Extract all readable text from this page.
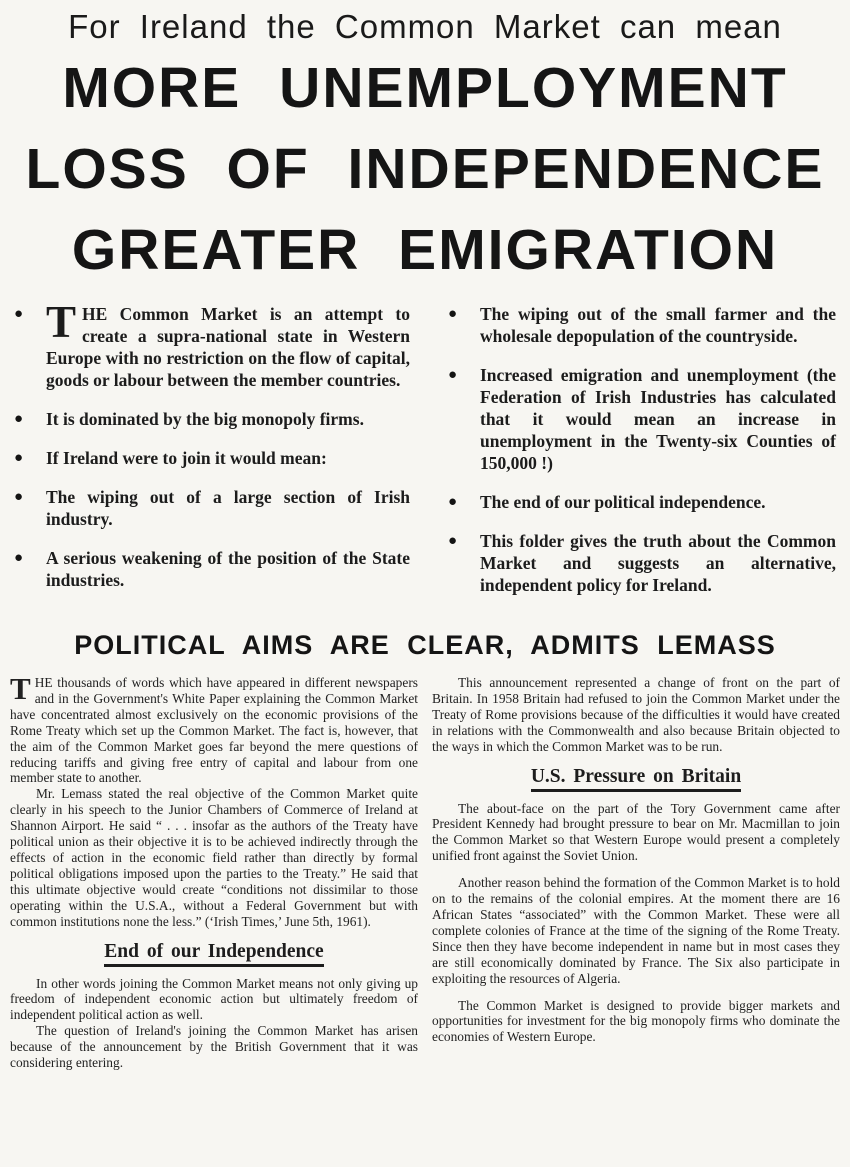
For Ireland the Common Market can mean
MORE UNEMPLOYMENT
LOSS OF INDEPENDENCE
GREATER EMIGRATION
● THE Common Market is an attempt to create a supra-national state in Western Europe with no restriction on the flow of capital, goods or labour between the member countries.
●	It is dominated by the big monopoly firms.
●	If Ireland were to join it would mean:
●	The wiping out of a large section of Irish industry.
●	A serious weakening of the position of the State industries.
●	The wiping out of the small farmer and the wholesale depopulation of the countryside.
●	Increased emigration and unemployment (the Federation of Irish Industries has calculated that it would mean an increase in unemployment in the Twenty-six Counties of 150,000 !)
●	The end of our political independence.
●	This folder gives the truth about the Common Market and suggests an alternative, independent policy for Ireland.
POLITICAL AIMS ARE CLEAR, ADMITS LEMASS

THE thousands of words which have appeared in different newspapers and in the Government's White Paper explaining the Common Market have concentrated almost exclusively on the economic provisions of the Rome Treaty which set up the Common Market. The fact is, however, that the aim of the Common Market goes far beyond the mere questions of reducing tariffs and giving free entry of capital and labour from one member state to another.

Mr. Lemass stated the real objective of the Common Market quite clearly in his speech to the Junior Chambers of Commerce of Ireland at Shannon Airport. He said “ . . . insofar as the authors of the Treaty have political union as their objective it is to be achieved indirectly through the effects of action in the economic field rather than directly by formal political obligations imposed upon the parties to the Treaty.” He said that this ultimate objective would create “conditions not dissimilar to those operating within the U.S.A., without a Federal Government but with common institutions none the less.” (‘Irish Times,’ June 5th, 1961).

End of our Independence

In other words joining the Common Market means not only giving up freedom of independent economic action but ultimately freedom of independent political action as well.

The question of Ireland's joining the Common Market has arisen because of the announcement by the British Government that it was considering entering.

This announcement represented a change of front on the part of Britain. In 1958 Britain had refused to join the Common Market under the Treaty of Rome provisions because of the difficulties it would have created in relations with the Commonwealth and also because Britain objected to the ways in which the Common Market was to be run.

U.S. Pressure on Britain

The about-face on the part of the Tory Government came after President Kennedy had brought pressure to bear on Mr. Macmillan to join the Common Market so that Western Europe would present a completely unified front against the Soviet Union.

Another reason behind the formation of the Common Market is to hold on to the remains of the colonial empires. At the moment there are 16 African States “associated” with the Common Market. These were all complete colonies of France at the time of the signing of the Rome Treaty. Since then they have become independent in name but in most cases they are still economically dominated by France. The Six also participate in exploiting the resources of Algeria.

The Common Market is designed to provide bigger markets and opportunities for investment for the big monopoly firms who dominate the economies of Western Europe.
